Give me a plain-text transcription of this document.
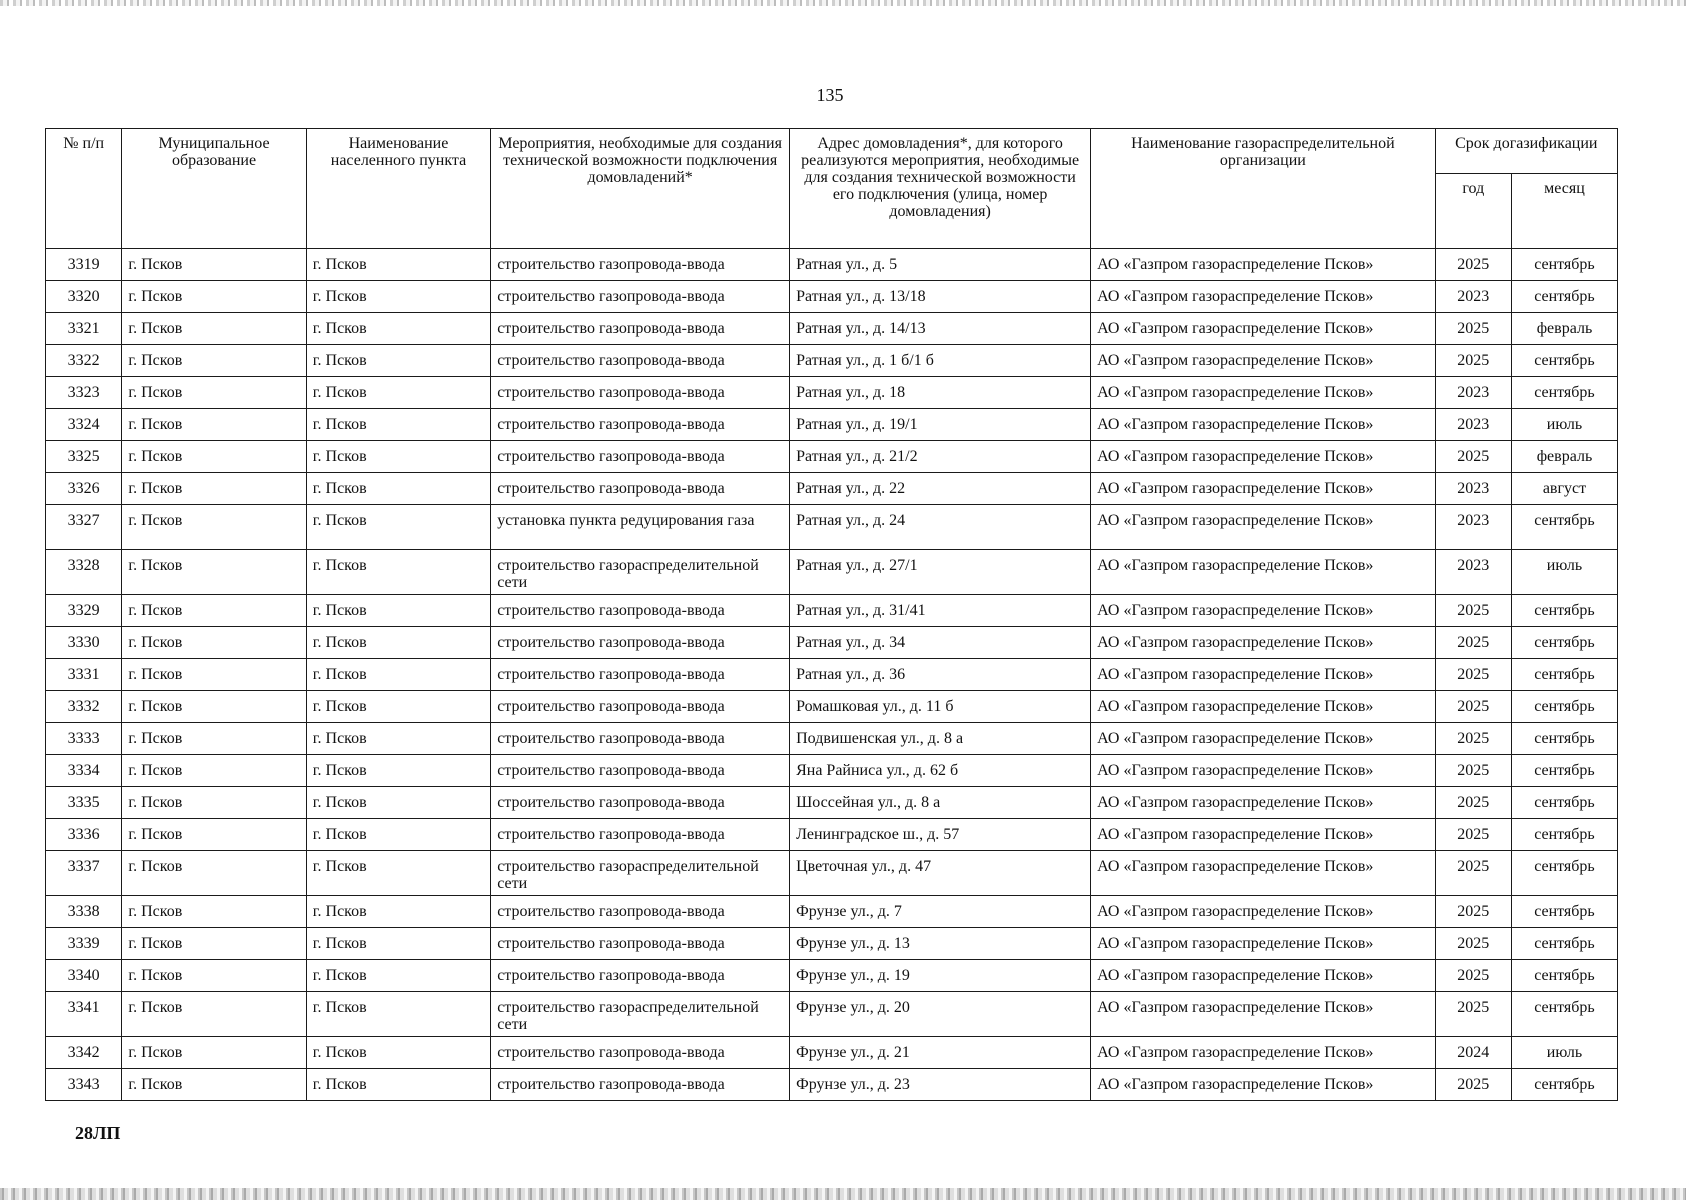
135
№ п/п	Муниципальное образование	Наименование населенного пункта	Мероприятия, необходимые для создания технической возможности подключения домовладений*	Адрес домовладения*, для которого реализуются мероприятия, необходимые для создания технической возможности его подключения (улица, номер домовладения)	Наименование газораспределительной организации	Срок догазификации	
						год	месяц
3319	г. Псков	г. Псков	строительство газопровода-ввода	Ратная ул., д. 5	АО «Газпром газораспределение Псков»	2025	сентябрь
3320	г. Псков	г. Псков	строительство газопровода-ввода	Ратная ул., д. 13/18	АО «Газпром газораспределение Псков»	2023	сентябрь
3321	г. Псков	г. Псков	строительство газопровода-ввода	Ратная ул., д. 14/13	АО «Газпром газораспределение Псков»	2025	февраль
3322	г. Псков	г. Псков	строительство газопровода-ввода	Ратная ул., д. 1 б/1 б	АО «Газпром газораспределение Псков»	2025	сентябрь
3323	г. Псков	г. Псков	строительство газопровода-ввода	Ратная ул., д. 18	АО «Газпром газораспределение Псков»	2023	сентябрь
3324	г. Псков	г. Псков	строительство газопровода-ввода	Ратная ул., д. 19/1	АО «Газпром газораспределение Псков»	2023	июль
3325	г. Псков	г. Псков	строительство газопровода-ввода	Ратная ул., д. 21/2	АО «Газпром газораспределение Псков»	2025	февраль
3326	г. Псков	г. Псков	строительство газопровода-ввода	Ратная ул., д. 22	АО «Газпром газораспределение Псков»	2023	август
3327	г. Псков	г. Псков	установка пункта редуцирования газа	Ратная ул., д. 24	АО «Газпром газораспределение Псков»	2023	сентябрь
3328	г. Псков	г. Псков	строительство газораспределительной сети	Ратная ул., д. 27/1	АО «Газпром газораспределение Псков»	2023	июль
3329	г. Псков	г. Псков	строительство газопровода-ввода	Ратная ул., д. 31/41	АО «Газпром газораспределение Псков»	2025	сентябрь
3330	г. Псков	г. Псков	строительство газопровода-ввода	Ратная ул., д. 34	АО «Газпром газораспределение Псков»	2025	сентябрь
3331	г. Псков	г. Псков	строительство газопровода-ввода	Ратная ул., д. 36	АО «Газпром газораспределение Псков»	2025	сентябрь
3332	г. Псков	г. Псков	строительство газопровода-ввода	Ромашковая ул., д. 11 б	АО «Газпром газораспределение Псков»	2025	сентябрь
3333	г. Псков	г. Псков	строительство газопровода-ввода	Подвишенская ул., д. 8 а	АО «Газпром газораспределение Псков»	2025	сентябрь
3334	г. Псков	г. Псков	строительство газопровода-ввода	Яна Райниса ул., д. 62 б	АО «Газпром газораспределение Псков»	2025	сентябрь
3335	г. Псков	г. Псков	строительство газопровода-ввода	Шоссейная ул., д. 8 а	АО «Газпром газораспределение Псков»	2025	сентябрь
3336	г. Псков	г. Псков	строительство газопровода-ввода	Ленинградское ш., д. 57	АО «Газпром газораспределение Псков»	2025	сентябрь
3337	г. Псков	г. Псков	строительство газораспределительной сети	Цветочная ул., д. 47	АО «Газпром газораспределение Псков»	2025	сентябрь
3338	г. Псков	г. Псков	строительство газопровода-ввода	Фрунзе ул., д. 7	АО «Газпром газораспределение Псков»	2025	сентябрь
3339	г. Псков	г. Псков	строительство газопровода-ввода	Фрунзе ул., д. 13	АО «Газпром газораспределение Псков»	2025	сентябрь
3340	г. Псков	г. Псков	строительство газопровода-ввода	Фрунзе ул., д. 19	АО «Газпром газораспределение Псков»	2025	сентябрь
3341	г. Псков	г. Псков	строительство газораспределительной сети	Фрунзе ул., д. 20	АО «Газпром газораспределение Псков»	2025	сентябрь
3342	г. Псков	г. Псков	строительство газопровода-ввода	Фрунзе ул., д. 21	АО «Газпром газораспределение Псков»	2024	июль
3343	г. Псков	г. Псков	строительство газопровода-ввода	Фрунзе ул., д. 23	АО «Газпром газораспределение Псков»	2025	сентябрь
28ЛП
